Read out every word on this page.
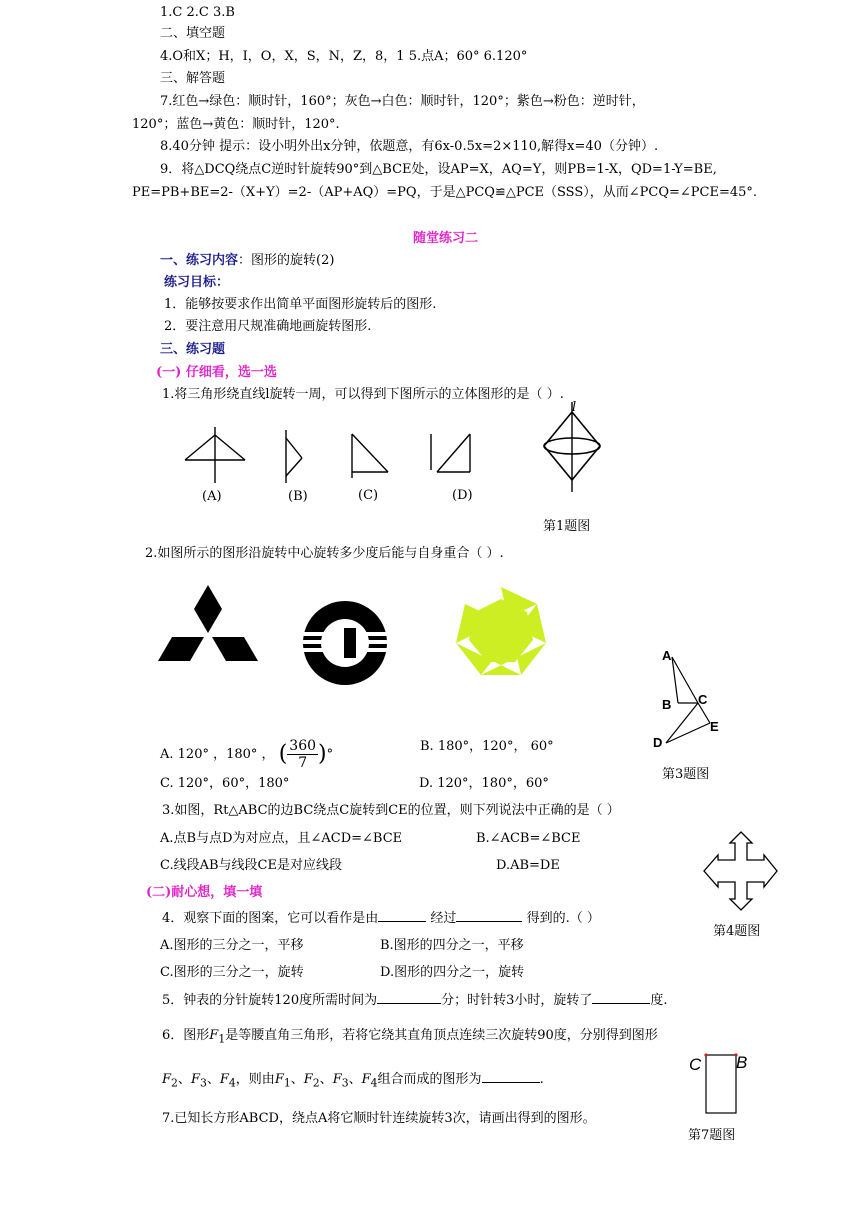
1.C 2.C 3.B
二、填空题
4.O和X；H，I，O，X，S，N，Z，8，1 5.点A；60° 6.120°
三、解答题
7.红色→绿色：顺时针，160°；灰色→白色：顺时针，120°；紫色→粉色：逆时针，
120°；蓝色→黄色：顺时针，120°.
8.40分钟 提示：设小明外出x分钟，依题意，有6x-0.5x=2×110,解得x=40（分钟）.
9．将△DCQ绕点C逆时针旋转90°到△BCE处，设AP=X，AQ=Y，则PB=1-X，QD=1-Y=BE,
PE=PB+BE=2-（X+Y）=2-（AP+AQ）=PQ，于是△PCQ≌△PCE（SSS），从而∠PCQ=∠PCE=45°.
随堂练习二
一、练习内容：图形的旋转(2)
练习目标：
1．能够按要求作出简单平面图形旋转后的图形.
2．要注意用尺规准确地画旋转图形.
三、练习题
(一) 仔细看，选一选
1.将三角形绕直线l旋转一周，可以得到下图所示的立体图形的是（ ）.
(A)	(B)	(C)	(D)
l
第1题图
2.如图所示的图形沿旋转中心旋转多少度后能与自身重合（ ）.
A. 120° ，180° ， ( $\frac{360}{7}$ )°
B. 180°，120°， 60°
C. 120°，60°，180°	D. 120°，180°，60°
A
B C
D
E
第3题图
3.如图，Rt△ABC的边BC绕点C旋转到CE的位置，则下列说法中正确的是（ ）
A.点B与点D为对应点，且∠ACD=∠BCE	B.∠ACB=∠BCE
C.线段AB与线段CE是对应线段	D.AB=DE
第4题图
(二)耐心想，填一填
4．观察下面的图案，它可以看作是由	经过	得到的.（ ）
A.图形的三分之一，平移	B.图形的四分之一，平移
C.图形的三分之一，旋转	D.图形的四分之一，旋转
5．钟表的分针旋转120度所需时间为	分；时针转3小时，旋转了	度.
6．图形$F_1$是等腰直角三角形，若将它绕其直角顶点连续三次旋转90度，分别得到图形
$F_2$、$F_3$、$F_4$，则由$F_1$、$F_2$、$F_3$、$F_4$组合而成的图形为	.
C B
7.已知长方形ABCD，绕点A将它顺时针连续旋转3次，请画出得到的图形。
第7题图
